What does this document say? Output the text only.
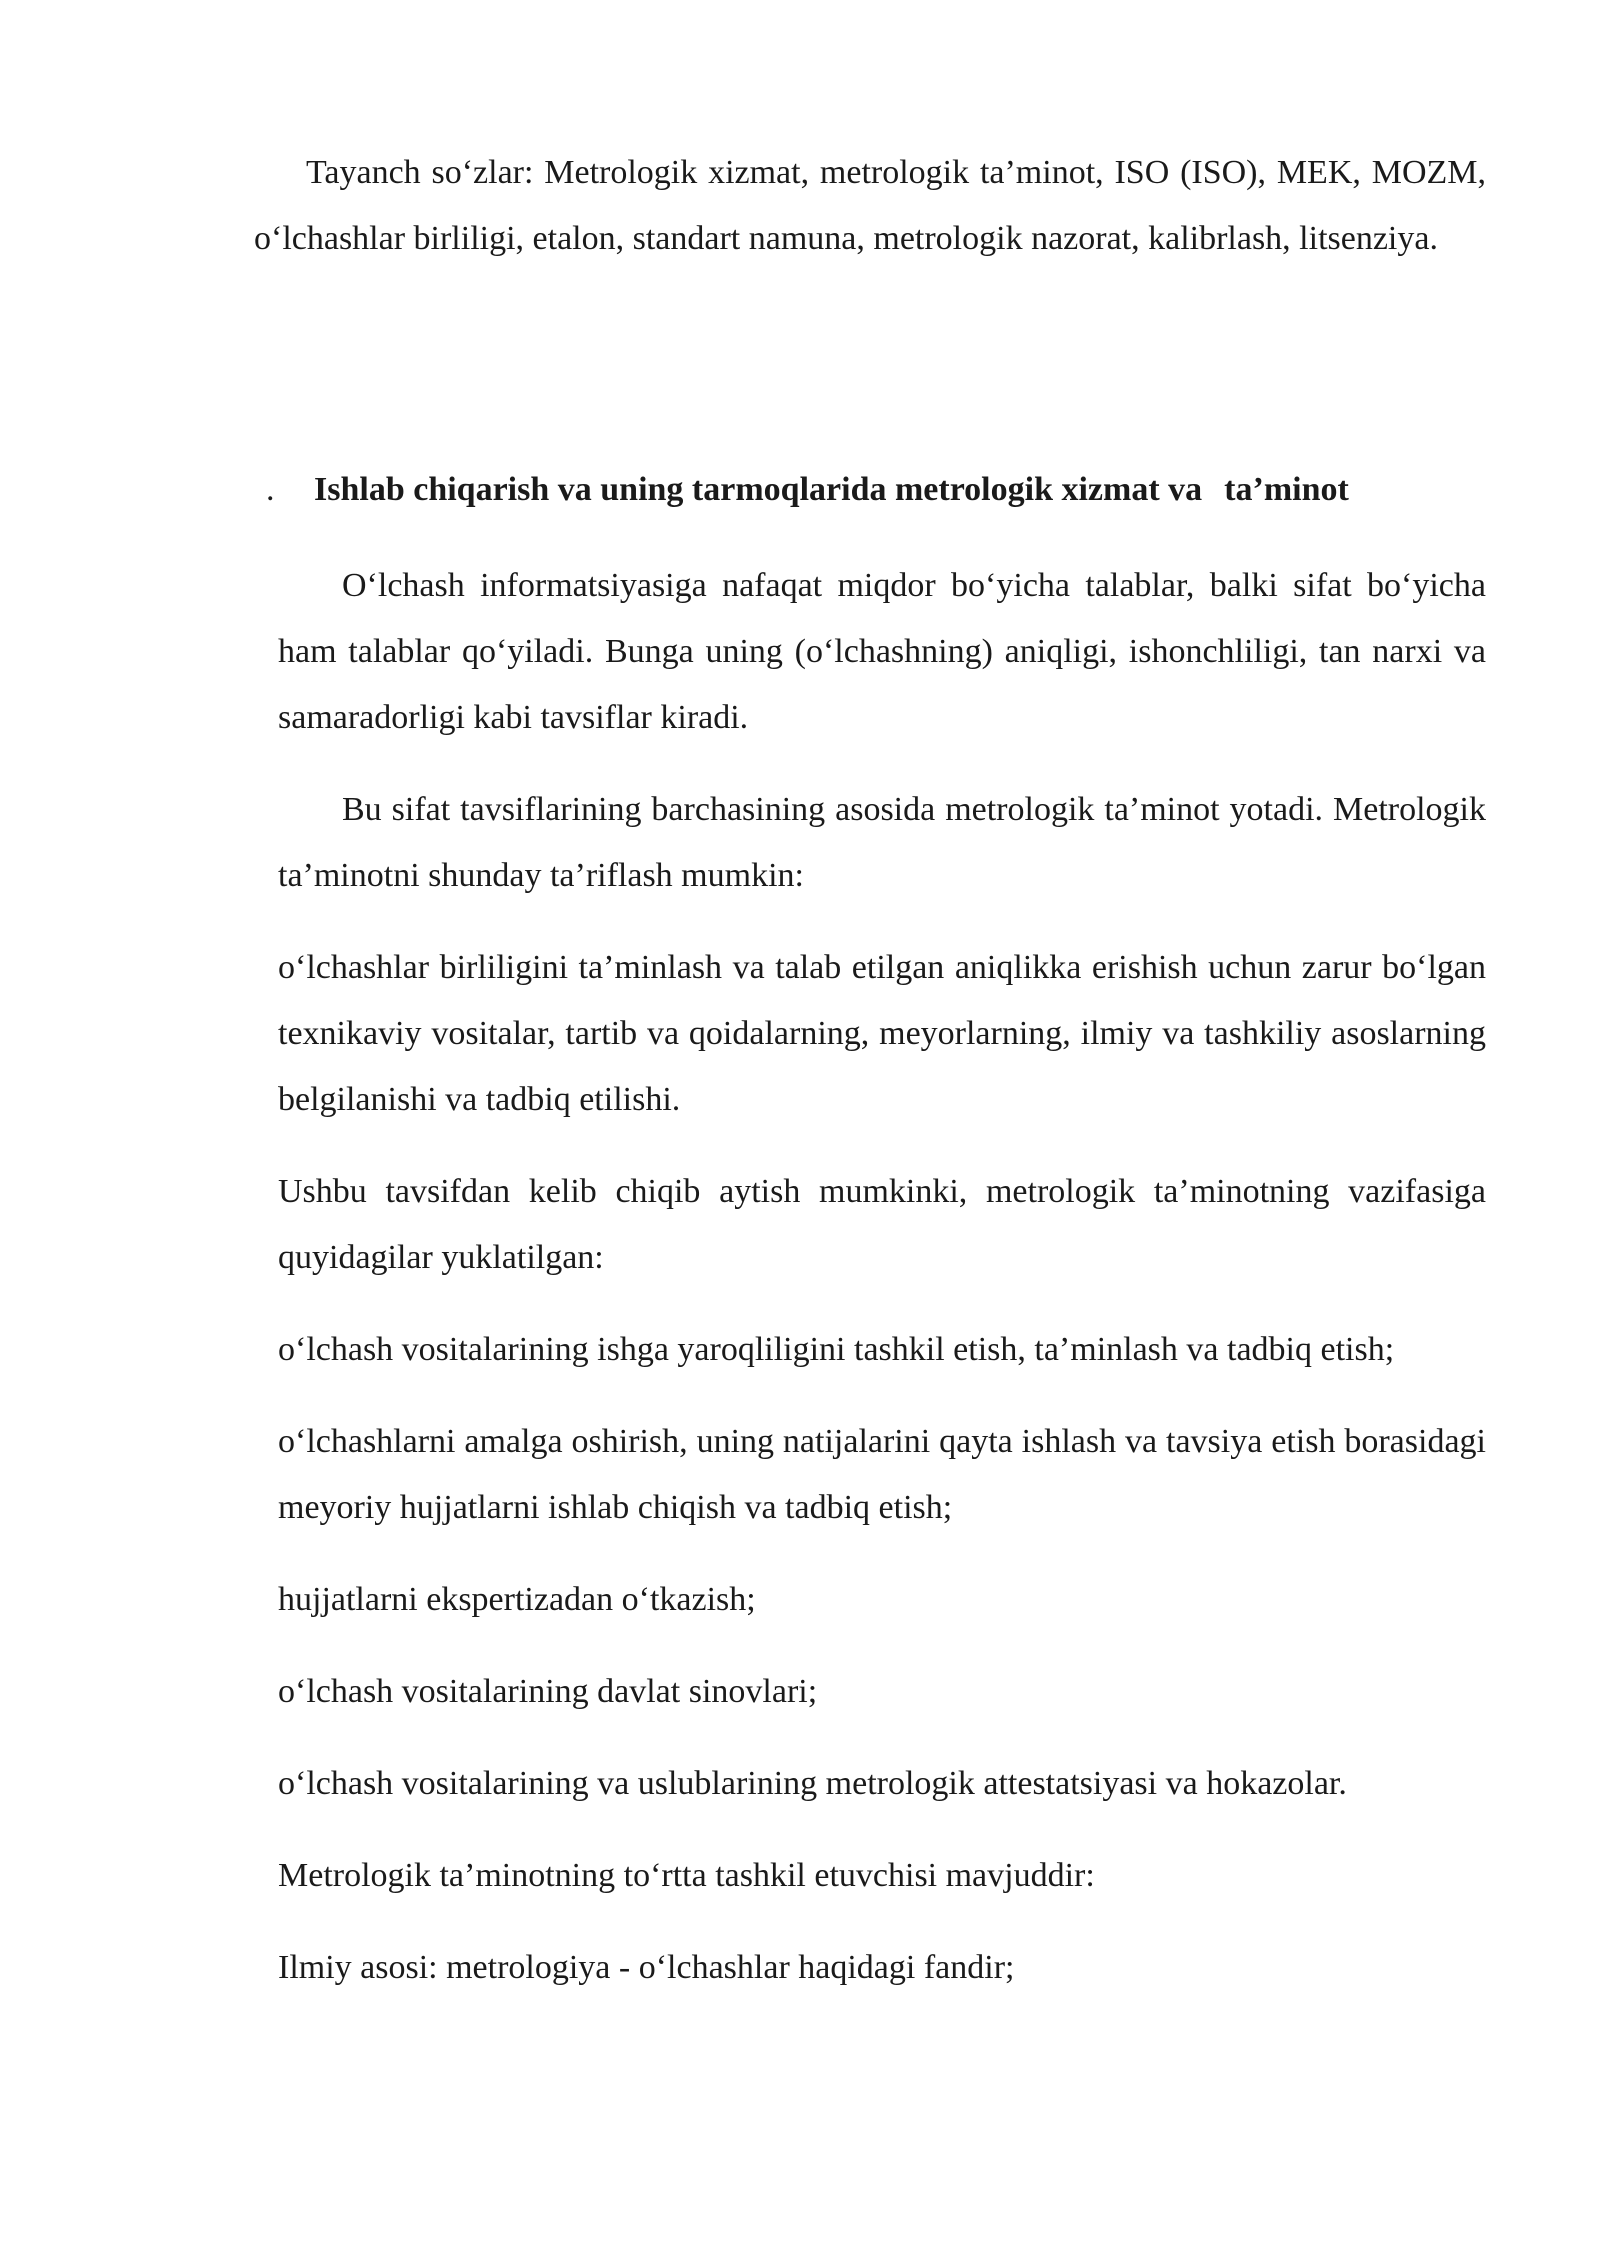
Tayanch so‘zlar: Metrologik xizmat, metrologik ta’minot, ISO (ISO), MEK, MOZM, o‘lchashlar birliligi, etalon, standart namuna, metrologik nazorat, kalibrlash, litsenziya.

. Ishlab chiqarish va uning tarmoqlarida metrologik xizmat va ta’minot

O‘lchash informatsiyasiga nafaqat miqdor bo‘yicha talablar, balki sifat bo‘yicha ham talablar qo‘yiladi. Bunga uning (o‘lchashning) aniqligi, ishonchliligi, tan narxi va samaradorligi kabi tavsiflar kiradi.

Bu sifat tavsiflarining barchasining asosida metrologik ta’minot yotadi. Metrologik ta’minotni shunday ta’riflash mumkin:

o‘lchashlar birliligini ta’minlash va talab etilgan aniqlikka erishish uchun zarur bo‘lgan texnikaviy vositalar, tartib va qoidalarning, meyorlarning, ilmiy va tashkiliy asoslarning belgilanishi va tadbiq etilishi.

Ushbu tavsifdan kelib chiqib aytish mumkinki, metrologik ta’minotning vazifasiga quyidagilar yuklatilgan:

o‘lchash vositalarining ishga yaroqliligini tashkil etish, ta’minlash va tadbiq etish;

o‘lchashlarni amalga oshirish, uning natijalarini qayta ishlash va tavsiya etish borasidagi meyoriy hujjatlarni ishlab chiqish va tadbiq etish;

hujjatlarni ekspertizadan o‘tkazish;

o‘lchash vositalarining davlat sinovlari;

o‘lchash vositalarining va uslublarining metrologik attestatsiyasi va hokazolar.

Metrologik ta’minotning to‘rtta tashkil etuvchisi mavjuddir:

Ilmiy asosi: metrologiya - o‘lchashlar haqidagi fandir;
